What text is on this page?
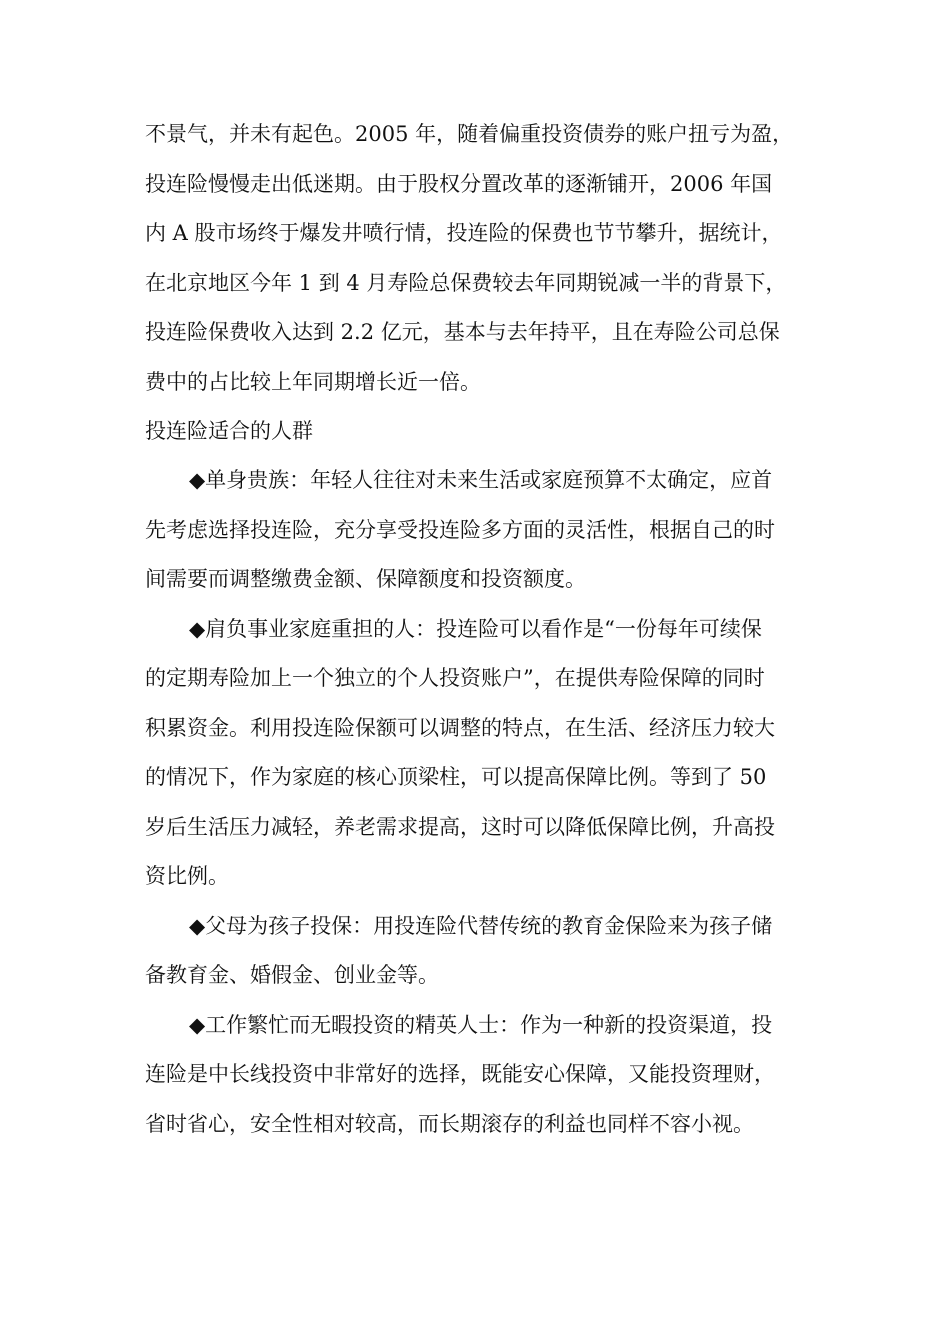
不景气，并未有起色。2005 年，随着偏重投资债券的账户扭亏为盈，
投连险慢慢走出低迷期。由于股权分置改革的逐渐铺开，2006 年国
内 A 股市场终于爆发井喷行情，投连险的保费也节节攀升，据统计，
在北京地区今年 1 到 4 月寿险总保费较去年同期锐减一半的背景下，
投连险保费收入达到 2.2 亿元，基本与去年持平，且在寿险公司总保
费中的占比较上年同期增长近一倍。

投连险适合的人群

◆单身贵族：年轻人往往对未来生活或家庭预算不太确定，应首
先考虑选择投连险，充分享受投连险多方面的灵活性，根据自己的时
间需要而调整缴费金额、保障额度和投资额度。

◆肩负事业家庭重担的人：投连险可以看作是“一份每年可续保
的定期寿险加上一个独立的个人投资账户”，在提供寿险保障的同时
积累资金。利用投连险保额可以调整的特点，在生活、经济压力较大
的情况下，作为家庭的核心顶梁柱，可以提高保障比例。等到了 50
岁后生活压力减轻，养老需求提高，这时可以降低保障比例，升高投
资比例。

◆父母为孩子投保：用投连险代替传统的教育金保险来为孩子储
备教育金、婚假金、创业金等。

◆工作繁忙而无暇投资的精英人士：作为一种新的投资渠道，投
连险是中长线投资中非常好的选择，既能安心保障，又能投资理财，
省时省心，安全性相对较高，而长期滚存的利益也同样不容小视。
